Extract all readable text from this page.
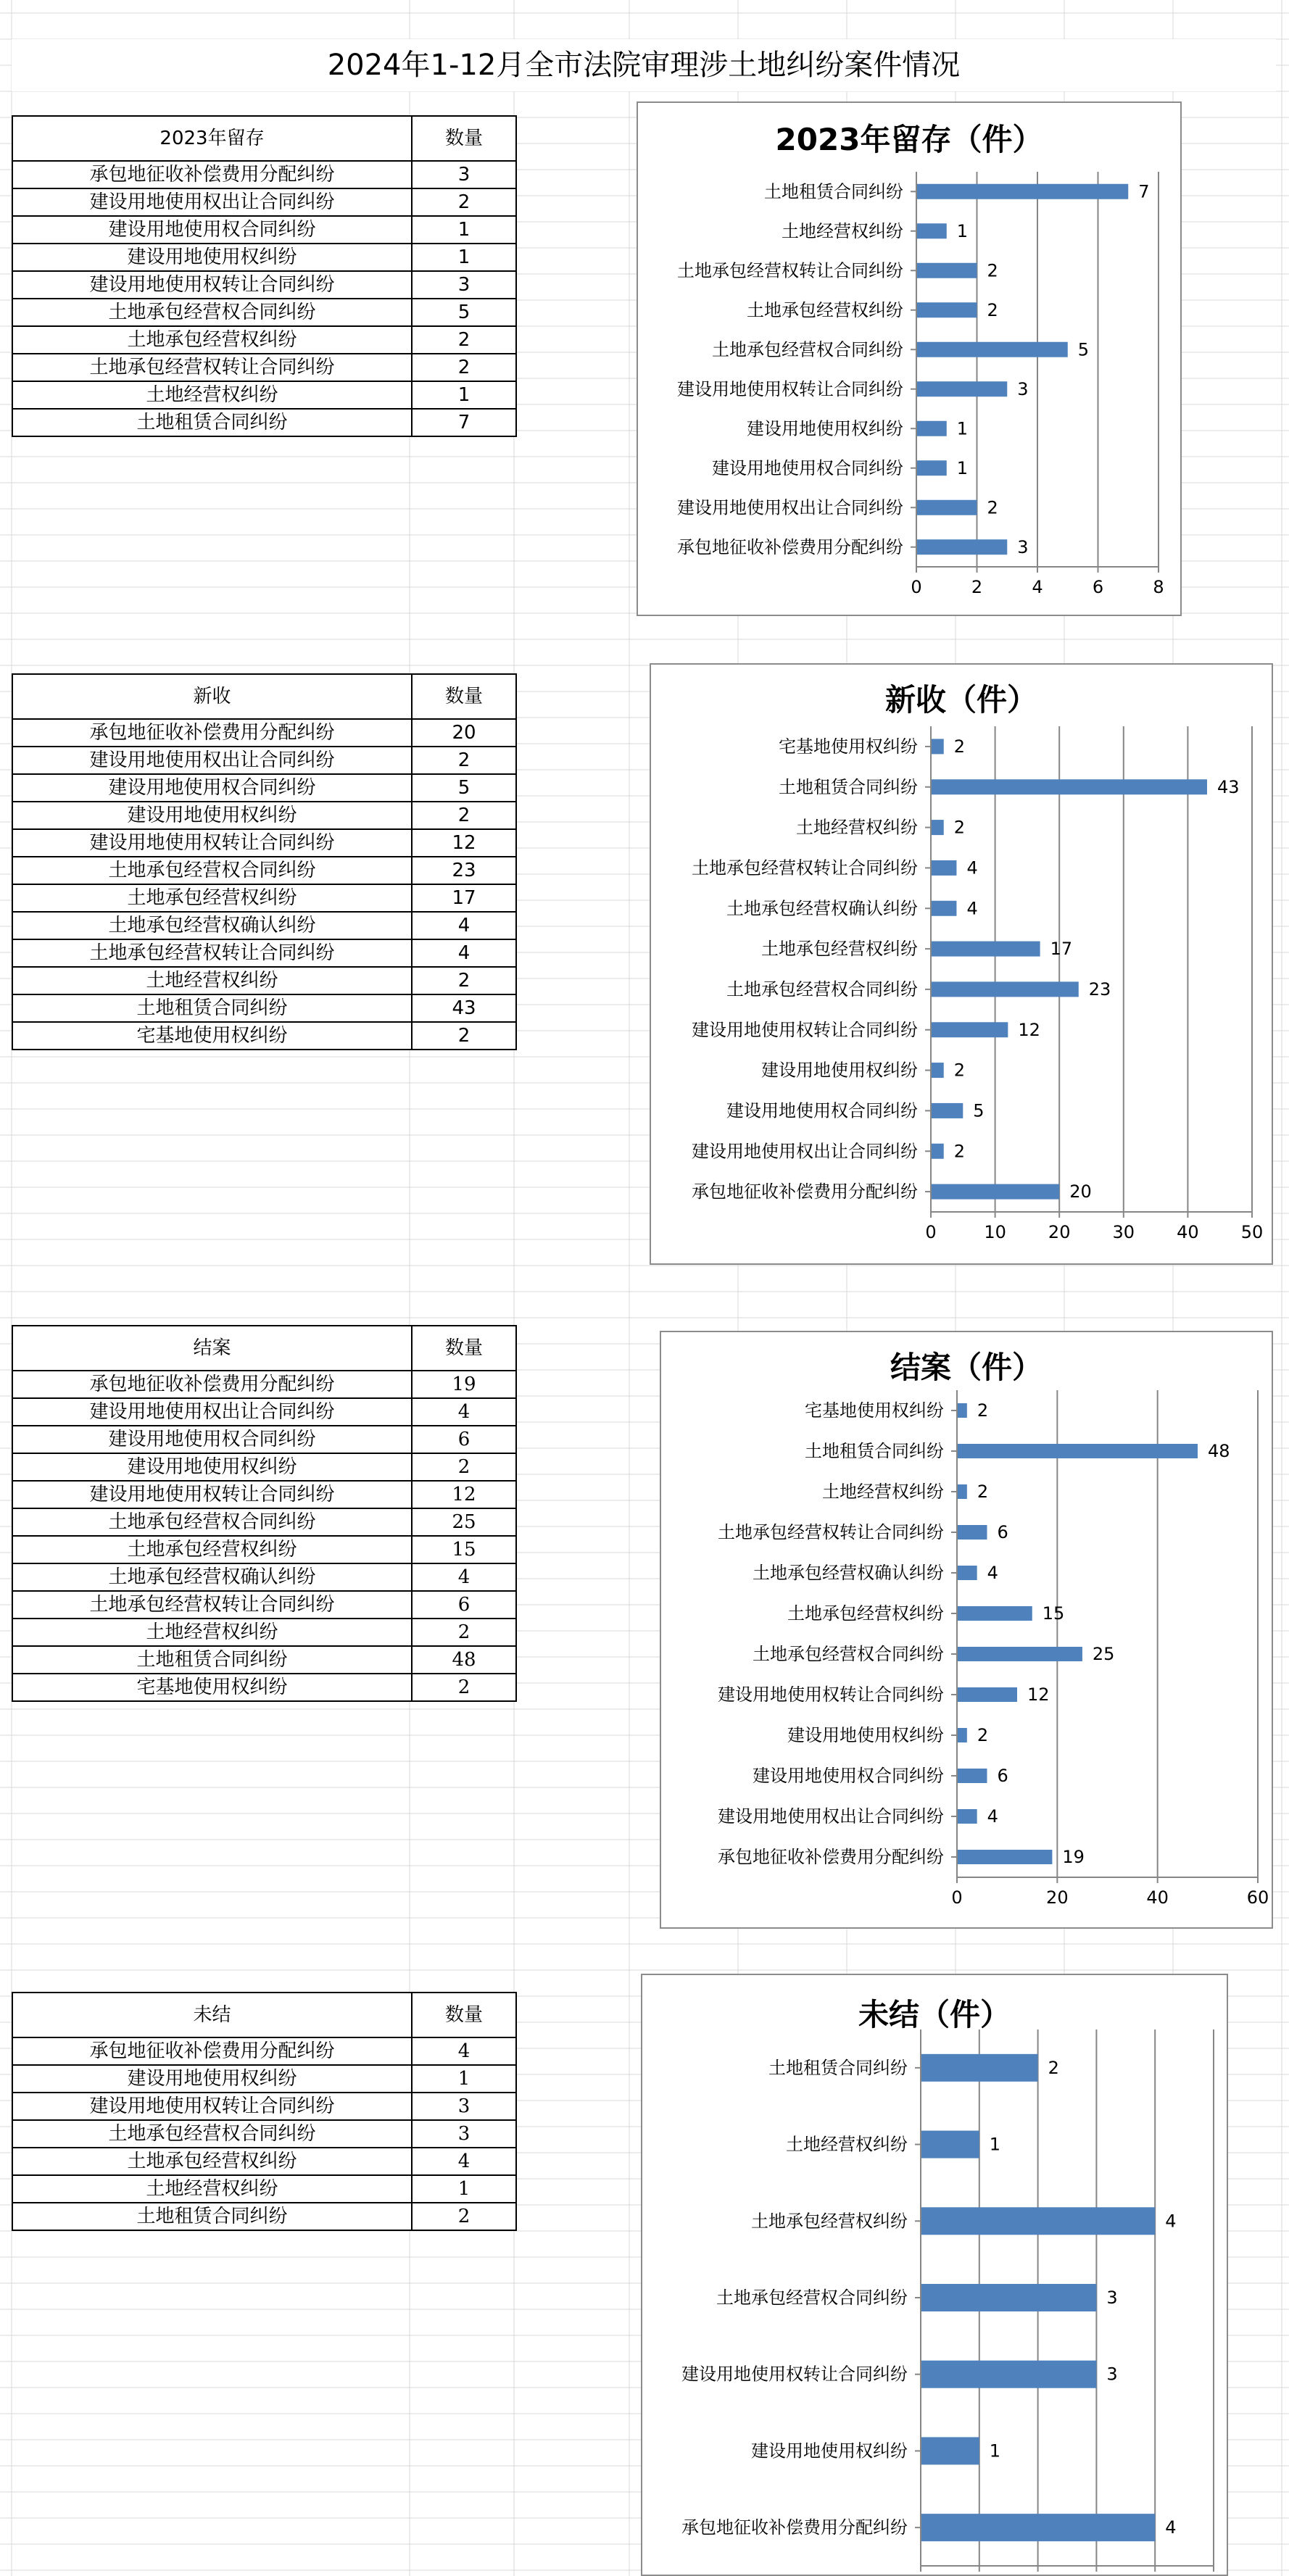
2024年1-12月全市法院审理涉土地纠纷案件情况
2023年留存	数量
承包地征收补偿费用分配纠纷	3
建设用地使用权出让合同纠纷	2
建设用地使用权合同纠纷	1
建设用地使用权纠纷	1
建设用地使用权转让合同纠纷	3
土地承包经营权合同纠纷	5
土地承包经营权纠纷	2
土地承包经营权转让合同纠纷	2
土地经营权纠纷	1
土地租赁合同纠纷	7
新收	数量
承包地征收补偿费用分配纠纷	20
建设用地使用权出让合同纠纷	2
建设用地使用权合同纠纷	5
建设用地使用权纠纷	2
建设用地使用权转让合同纠纷	12
土地承包经营权合同纠纷	23
土地承包经营权纠纷	17
土地承包经营权确认纠纷	4
土地承包经营权转让合同纠纷	4
土地经营权纠纷	2
土地租赁合同纠纷	43
宅基地使用权纠纷	2
结案	数量
承包地征收补偿费用分配纠纷	19
建设用地使用权出让合同纠纷	4
建设用地使用权合同纠纷	6
建设用地使用权纠纷	2
建设用地使用权转让合同纠纷	12
土地承包经营权合同纠纷	25
土地承包经营权纠纷	15
土地承包经营权确认纠纷	4
土地承包经营权转让合同纠纷	6
土地经营权纠纷	2
土地租赁合同纠纷	48
宅基地使用权纠纷	2
未结	数量
承包地征收补偿费用分配纠纷	4
建设用地使用权纠纷	1
建设用地使用权转让合同纠纷	3
土地承包经营权合同纠纷	3
土地承包经营权纠纷	4
土地经营权纠纷	1
土地租赁合同纠纷	2
0	2	4	6	8
承包地征收补偿费用分配纠纷	3
建设用地使用权出让合同纠纷	2
建设用地使用权合同纠纷	1
建设用地使用权纠纷	1
建设用地使用权转让合同纠纷	3
土地承包经营权合同纠纷	5
土地承包经营权纠纷	2
土地承包经营权转让合同纠纷	2
土地经营权纠纷	1
土地租赁合同纠纷	7
2023年留存（件）
0	10 20 30 40 50
承包地征收补偿费用分配纠纷	20
建设用地使用权出让合同纠纷 2
建设用地使用权合同纠纷	5
建设用地使用权纠纷 2
建设用地使用权转让合同纠纷	12
土地承包经营权合同纠纷	23
土地承包经营权纠纷	17
土地承包经营权确认纠纷	4
土地承包经营权转让合同纠纷	4
土地经营权纠纷 2
土地租赁合同纠纷	43
宅基地使用权纠纷 2
新收（件）
0	20	40	60
承包地征收补偿费用分配纠纷	19
建设用地使用权出让合同纠纷 4
建设用地使用权合同纠纷	6
建设用地使用权纠纷 2
建设用地使用权转让合同纠纷	12
土地承包经营权合同纠纷	25
土地承包经营权纠纷	15
土地承包经营权确认纠纷 4
土地承包经营权转让合同纠纷	6
土地经营权纠纷 2
土地租赁合同纠纷	48
宅基地使用权纠纷 2
结案（件）
承包地征收补偿费用分配纠纷	4
建设用地使用权纠纷	1
建设用地使用权转让合同纠纷	3
土地承包经营权合同纠纷	3
土地承包经营权纠纷	4
土地经营权纠纷	1
土地租赁合同纠纷	2
未结（件）
